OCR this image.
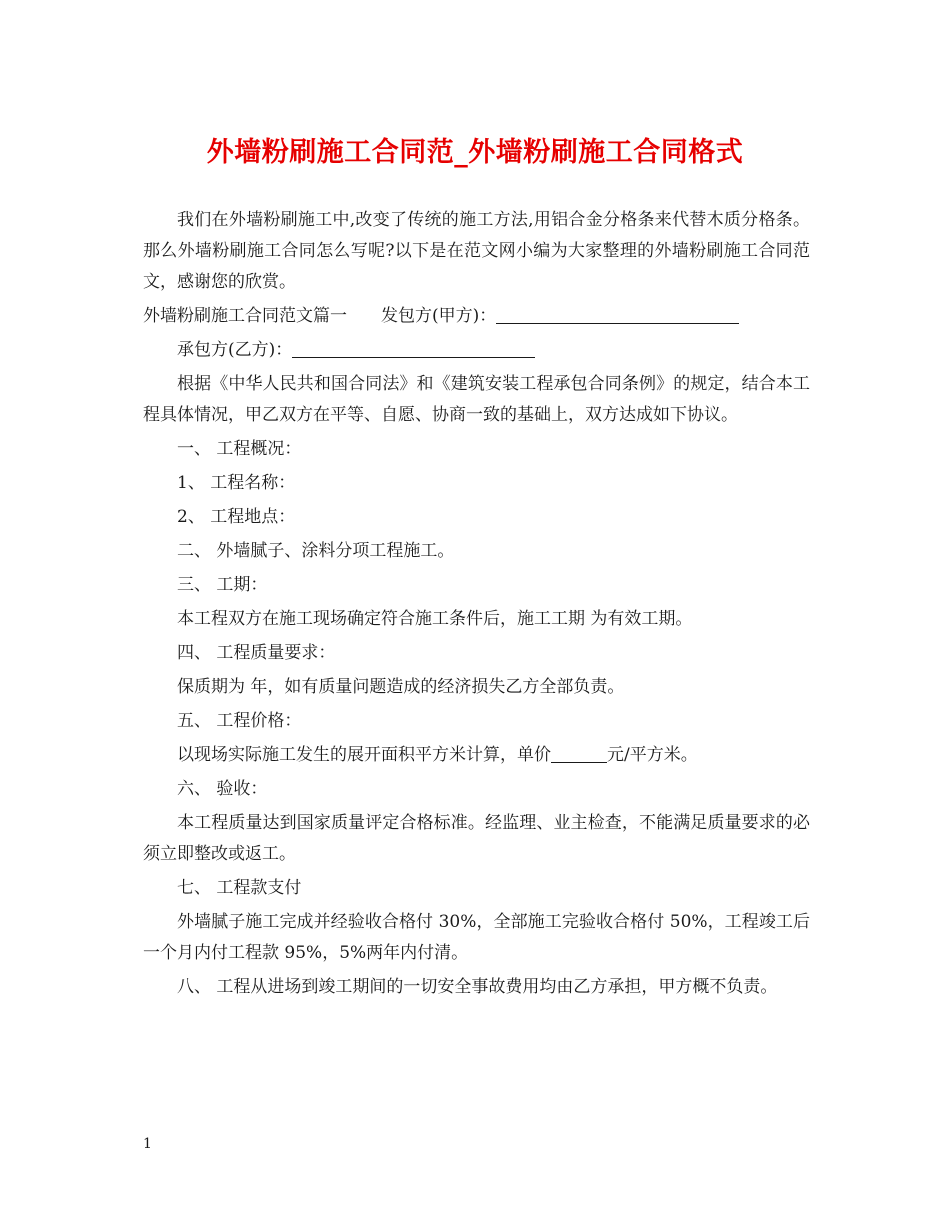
外墙粉刷施工合同范_外墙粉刷施工合同格式

我们在外墙粉刷施工中,改变了传统的施工方法,用铝合金分格条来代替木质分格条。那么外墙粉刷施工合同怎么写呢?以下是在范文网小编为大家整理的外墙粉刷施工合同范文，感谢您的欣赏。

外墙粉刷施工合同范文篇一 发包方(甲方)：

承包方(乙方)：

根据《中华人民共和国合同法》和《建筑安装工程承包合同条例》的规定，结合本工程具体情况，甲乙双方在平等、自愿、协商一致的基础上，双方达成如下协议。

一、 工程概况：

1、 工程名称：

2、 工程地点：

二、 外墙腻子、涂料分项工程施工。

三、 工期：

本工程双方在施工现场确定符合施工条件后，施工工期 为有效工期。

四、 工程质量要求：

保质期为 年，如有质量问题造成的经济损失乙方全部负责。

五、 工程价格：

以现场实际施工发生的展开面积平方米计算，单价	元/平方米。

六、 验收：

本工程质量达到国家质量评定合格标准。经监理、业主检查，不能满足质量要求的必须立即整改或返工。

七、 工程款支付

外墙腻子施工完成并经验收合格付 30%，全部施工完验收合格付 50%，工程竣工后一个月内付工程款 95%，5%两年内付清。

八、 工程从进场到竣工期间的一切安全事故费用均由乙方承担，甲方概不负责。

1
